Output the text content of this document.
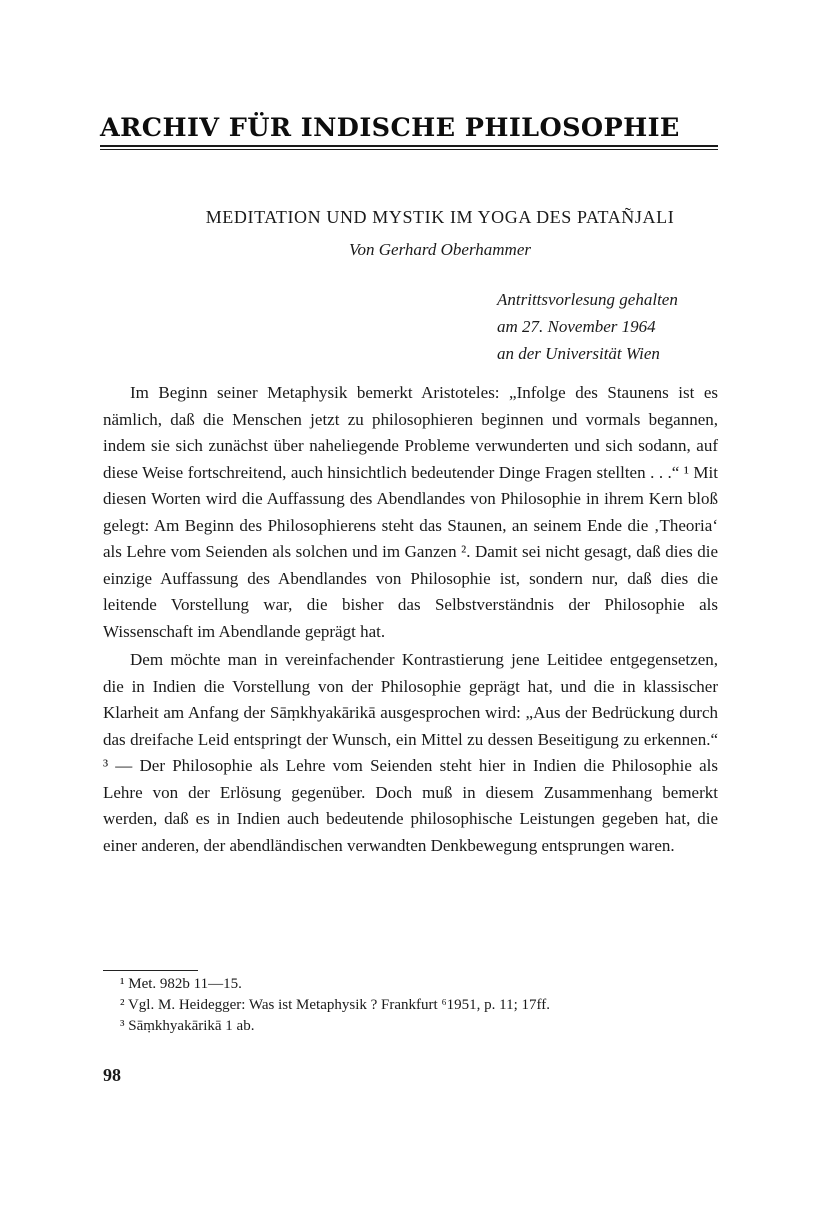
ARCHIV FÜR INDISCHE PHILOSOPHIE
MEDITATION UND MYSTIK IM YOGA DES PATAÑJALI
Von Gerhard Oberhammer
Antrittsvorlesung gehalten
am 27. November 1964
an der Universität Wien

Im Beginn seiner Metaphysik bemerkt Aristoteles: „Infolge des Staunens ist es nämlich, daß die Menschen jetzt zu philosophieren beginnen und vormals begannen, indem sie sich zunächst über naheliegende Probleme verwunderten und sich sodann, auf diese Weise fortschreitend, auch hinsichtlich bedeutender Dinge Fragen stellten . . .“ ¹ Mit diesen Worten wird die Auffassung des Abendlandes von Philosophie in ihrem Kern bloß gelegt: Am Beginn des Philosophierens steht das Staunen, an seinem Ende die ‚Theoria‘ als Lehre vom Seienden als solchen und im Ganzen ². Damit sei nicht gesagt, daß dies die einzige Auffassung des Abendlandes von Philosophie ist, sondern nur, daß dies die leitende Vorstellung war, die bisher das Selbstverständnis der Philosophie als Wissenschaft im Abendlande geprägt hat.

Dem möchte man in vereinfachender Kontrastierung jene Leitidee entgegensetzen, die in Indien die Vorstellung von der Philosophie geprägt hat, und die in klassischer Klarheit am Anfang der Sāṃkhyakārikā ausgesprochen wird: „Aus der Bedrückung durch das dreifache Leid entspringt der Wunsch, ein Mittel zu dessen Beseitigung zu erkennen.“ ³ — Der Philosophie als Lehre vom Seienden steht hier in Indien die Philosophie als Lehre von der Erlösung gegenüber. Doch muß in diesem Zusammenhang bemerkt werden, daß es in Indien auch bedeutende philosophische Leistungen gegeben hat, die einer anderen, der abendländischen verwandten Denkbewegung entsprungen waren.

¹ Met. 982b 11—15.
² Vgl. M. Heidegger: Was ist Metaphysik ? Frankfurt ⁶1951, p. 11; 17ff.
³ Sāṃkhyakārikā 1 ab.
98
